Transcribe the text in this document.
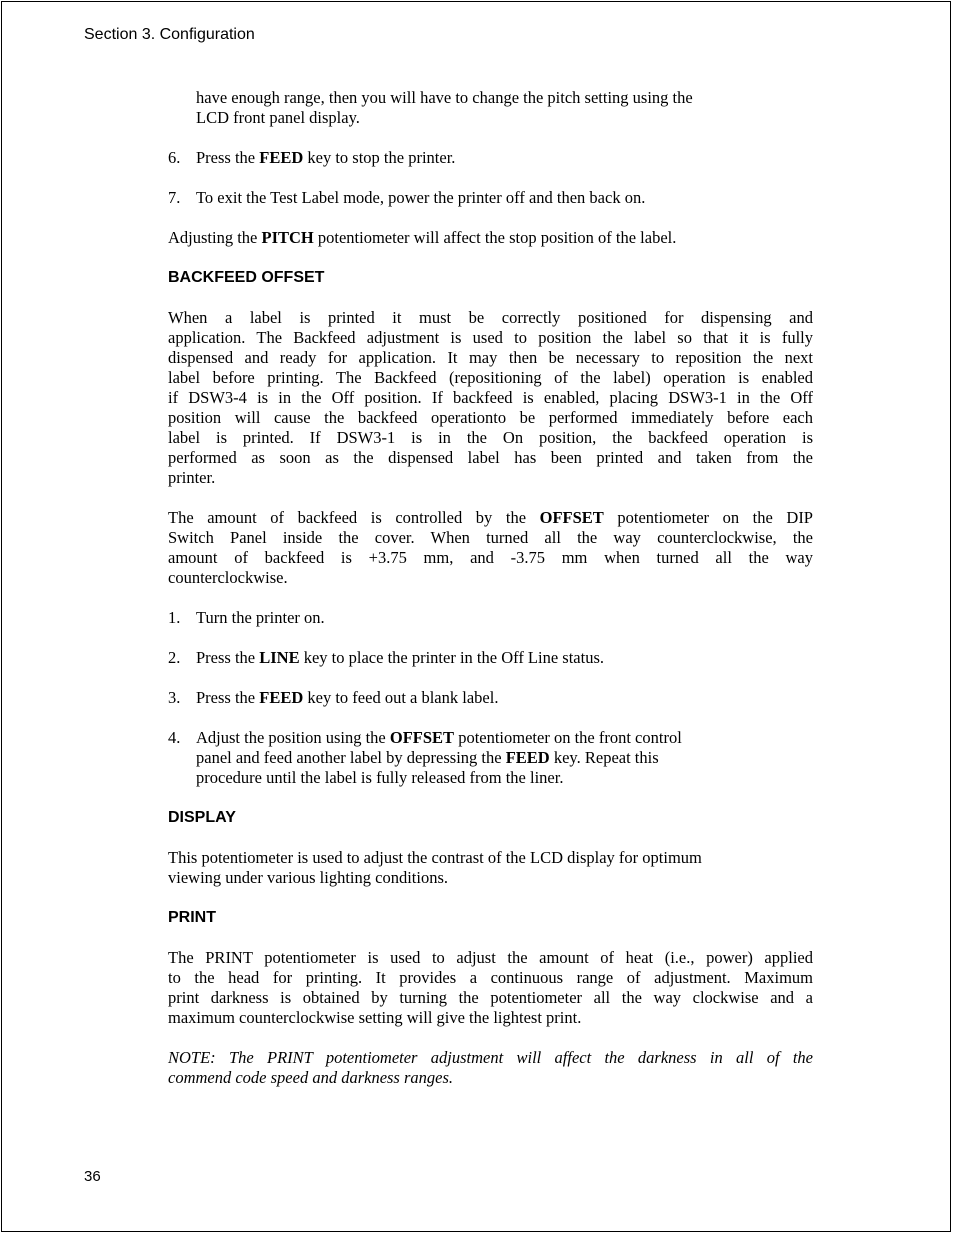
Section 3. Configuration
have enough range, then you will have to change the pitch setting using the
LCD front panel display.
6. Press the FEED key to stop the printer.
7. To exit the Test Label mode, power the printer off and then back on.
Adjusting the PITCH potentiometer will affect the stop position of the label.
BACKFEED OFFSET
When a label is printed it must be correctly positioned for dispensing and
application. The Backfeed adjustment is used to position the label so that it is fully
dispensed and ready for application. It may then be necessary to reposition the next
label before printing. The Backfeed (repositioning of the label) operation is enabled
if DSW3-4 is in the Off position. If backfeed is enabled, placing DSW3-1 in the Off
position will cause the backfeed operationto be performed immediately before each
label is printed. If DSW3-1 is in the On position, the backfeed operation is
performed as soon as the dispensed label has been printed and taken from the
printer.
The amount of backfeed is controlled by the OFFSET potentiometer on the DIP
Switch Panel inside the cover. When turned all the way counterclockwise, the
amount of backfeed is +3.75 mm, and -3.75 mm when turned all the way
counterclockwise.
1. Turn the printer on.
2. Press the LINE key to place the printer in the Off Line status.
3. Press the FEED key to feed out a blank label.
4. Adjust the position using the OFFSET potentiometer on the front control
panel and feed another label by depressing the FEED key. Repeat this
procedure until the label is fully released from the liner.
DISPLAY
This potentiometer is used to adjust the contrast of the LCD display for optimum
viewing under various lighting conditions.
PRINT
The PRINT potentiometer is used to adjust the amount of heat (i.e., power) applied
to the head for printing. It provides a continuous range of adjustment. Maximum
print darkness is obtained by turning the potentiometer all the way clockwise and a
maximum counterclockwise setting will give the lightest print.
NOTE: The PRINT potentiometer adjustment will affect the darkness in all of the
commend code speed and darkness ranges.
36
